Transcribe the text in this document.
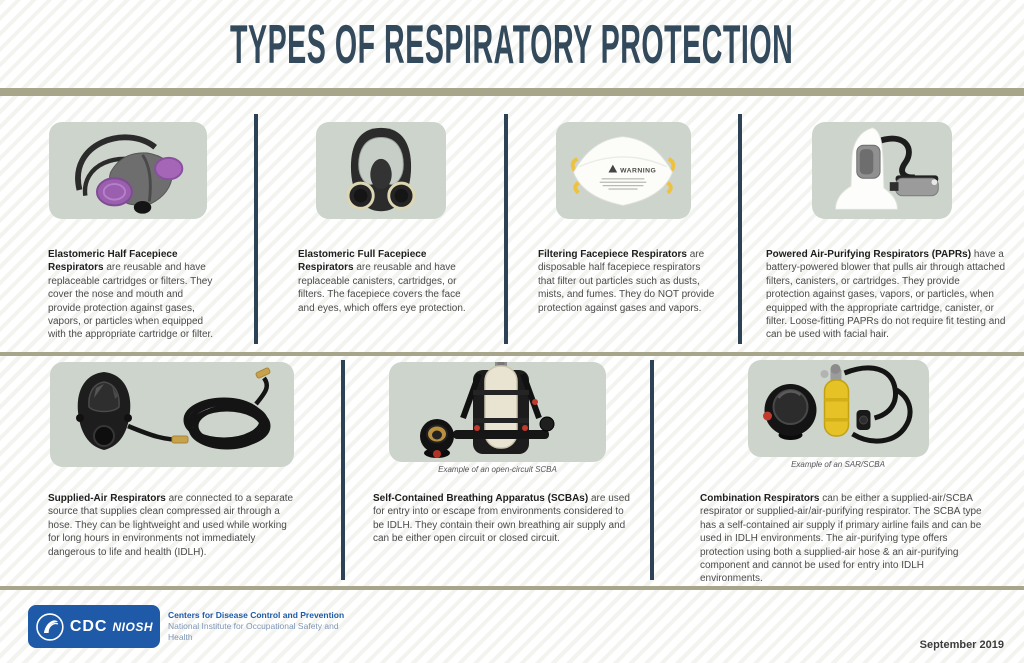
TYPES OF RESPIRATORY PROTECTION

Elastomeric Half Facepiece Respirators are reusable and have replaceable cartridges or filters. They cover the nose and mouth and provide protection against gases, vapors, or particles when equipped with the appropriate cartridge or filter.

Elastomeric Full Facepiece Respirators are reusable and have replaceable canisters, cartridges, or filters. The facepiece covers the face and eyes, which offers eye protection.

WARNING

Filtering Facepiece Respirators are disposable half facepiece respirators that filter out particles such as dusts, mists, and fumes. They do NOT provide protection against gases and vapors.

Powered Air-Purifying Respirators (PAPRs) have a battery-powered blower that pulls air through attached filters, canisters, or cartridges. They provide protection against gases, vapors, or particles, when equipped with the appropriate cartridge, canister, or filter. Loose-fitting PAPRs do not require fit testing and can be used with facial hair.

Supplied-Air Respirators are connected to a separate source that supplies clean compressed air through a hose. They can be lightweight and used while working for long hours in environments not immediately dangerous to life and health (IDLH).

Example of an open-circuit SCBA

Self-Contained Breathing Apparatus (SCBAs) are used for entry into or escape from environments considered to be IDLH. They contain their own breathing air supply and can be either open circuit or closed circuit.

Example of an SAR/SCBA

Combination Respirators can be either a supplied-air/SCBA respirator or supplied-air/air-purifying respirator. The SCBA type has a self-contained air supply if primary airline fails and can be used in IDLH environments. The air-purifying type offers protection using both a supplied-air hose & an air-purifying component and cannot be used for entry into IDLH environments.

CDC NIOSH
Centers for Disease Control and Prevention
National Institute for Occupational Safety and Health
September 2019
